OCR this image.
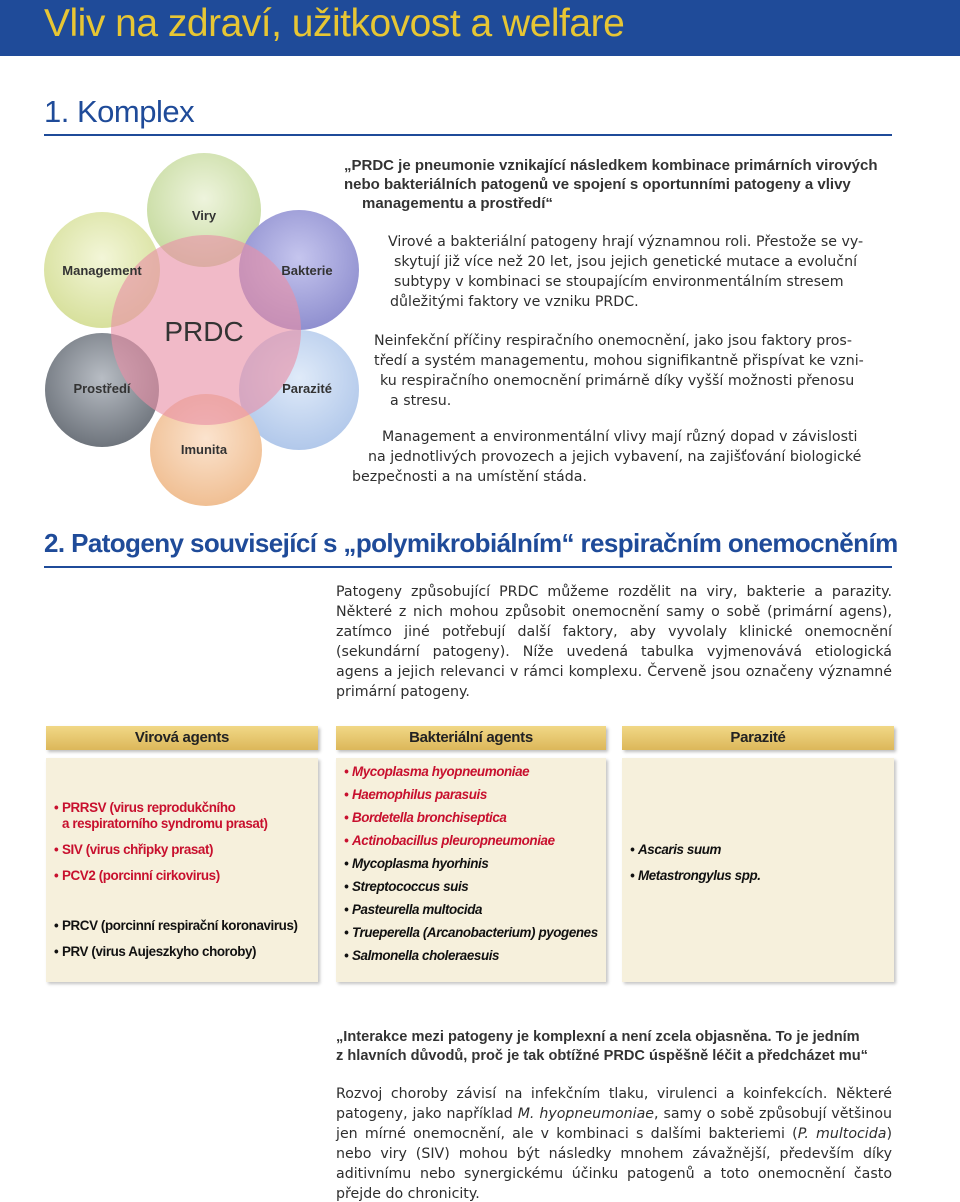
Vliv na zdraví, užitkovost a welfare
1. Komplex
Viry
Bakterie
Parazité
Imunita
Prostředí
Management
PRDC
„PRDC je pneumonie vznikající následkem kombinace primárních virových
nebo bakteriálních patogenů ve spojení s oportunními patogeny a vlivy
managementu a prostředí“
Virové a bakteriální patogeny hrají významnou roli. Přestože se vy-
skytují již více než 20 let, jsou jejich genetické mutace a evoluční
subtypy v kombinaci se stoupajícím environmentálním stresem
důležitými faktory ve vzniku PRDC.
Neinfekční příčiny respiračního onemocnění, jako jsou faktory pros-
tředí a systém managementu, mohou signifikantně přispívat ke vzni-
ku respiračního onemocnění primárně díky vyšší možnosti přenosu
a stresu.
Management a environmentální vlivy mají různý dopad v závislosti
na jednotlivých provozech a jejich vybavení, na zajišťování biologické
bezpečnosti a na umístění stáda.
2. Patogeny související s „polymikrobiálním“ respiračním onemocněním
Patogeny způsobující PRDC můžeme rozdělit na viry, bakterie a parazity.
Některé z nich mohou způsobit onemocnění samy o sobě (primární agens),
zatímco jiné potřebují další faktory, aby vyvolaly klinické onemocnění
(sekundární patogeny). Níže uvedená tabulka vyjmenovává etiologická
agens a jejich relevanci v rámci komplexu. Červeně jsou označeny významné
primární patogeny.
Virová agents
• PRRSV (virus reprodukčního
a respiratorního syndromu prasat)
• SIV (virus chřipky prasat)
• PCV2 (porcinní cirkovirus)
• PRCV (porcinní respirační koronavirus)
• PRV (virus Aujeszkyho choroby)
Bakteriální agents
• Mycoplasma hyopneumoniae
• Haemophilus parasuis
• Bordetella bronchiseptica
• Actinobacillus pleuropneumoniae
• Mycoplasma hyorhinis
• Streptococcus suis
• Pasteurella multocida
• Trueperella (Arcanobacterium) pyogenes
• Salmonella choleraesuis
Parazité
• Ascaris suum
• Metastrongylus spp.
„Interakce mezi patogeny je komplexní a není zcela objasněna. To je jedním
z hlavních důvodů, proč je tak obtížné PRDC úspěšně léčit a předcházet mu“
Rozvoj choroby závisí na infekčním tlaku, virulenci a koinfekcích. Některé
patogeny, jako například M. hyopneumoniae, samy o sobě způsobují většinou
jen mírné onemocnění, ale v kombinaci s dalšími bakteriemi (P. multocida)
nebo viry (SIV) mohou být následky mnohem závažnější, především díky
aditivnímu nebo synergickému účinku patogenů a toto onemocnění často
přejde do chronicity.
